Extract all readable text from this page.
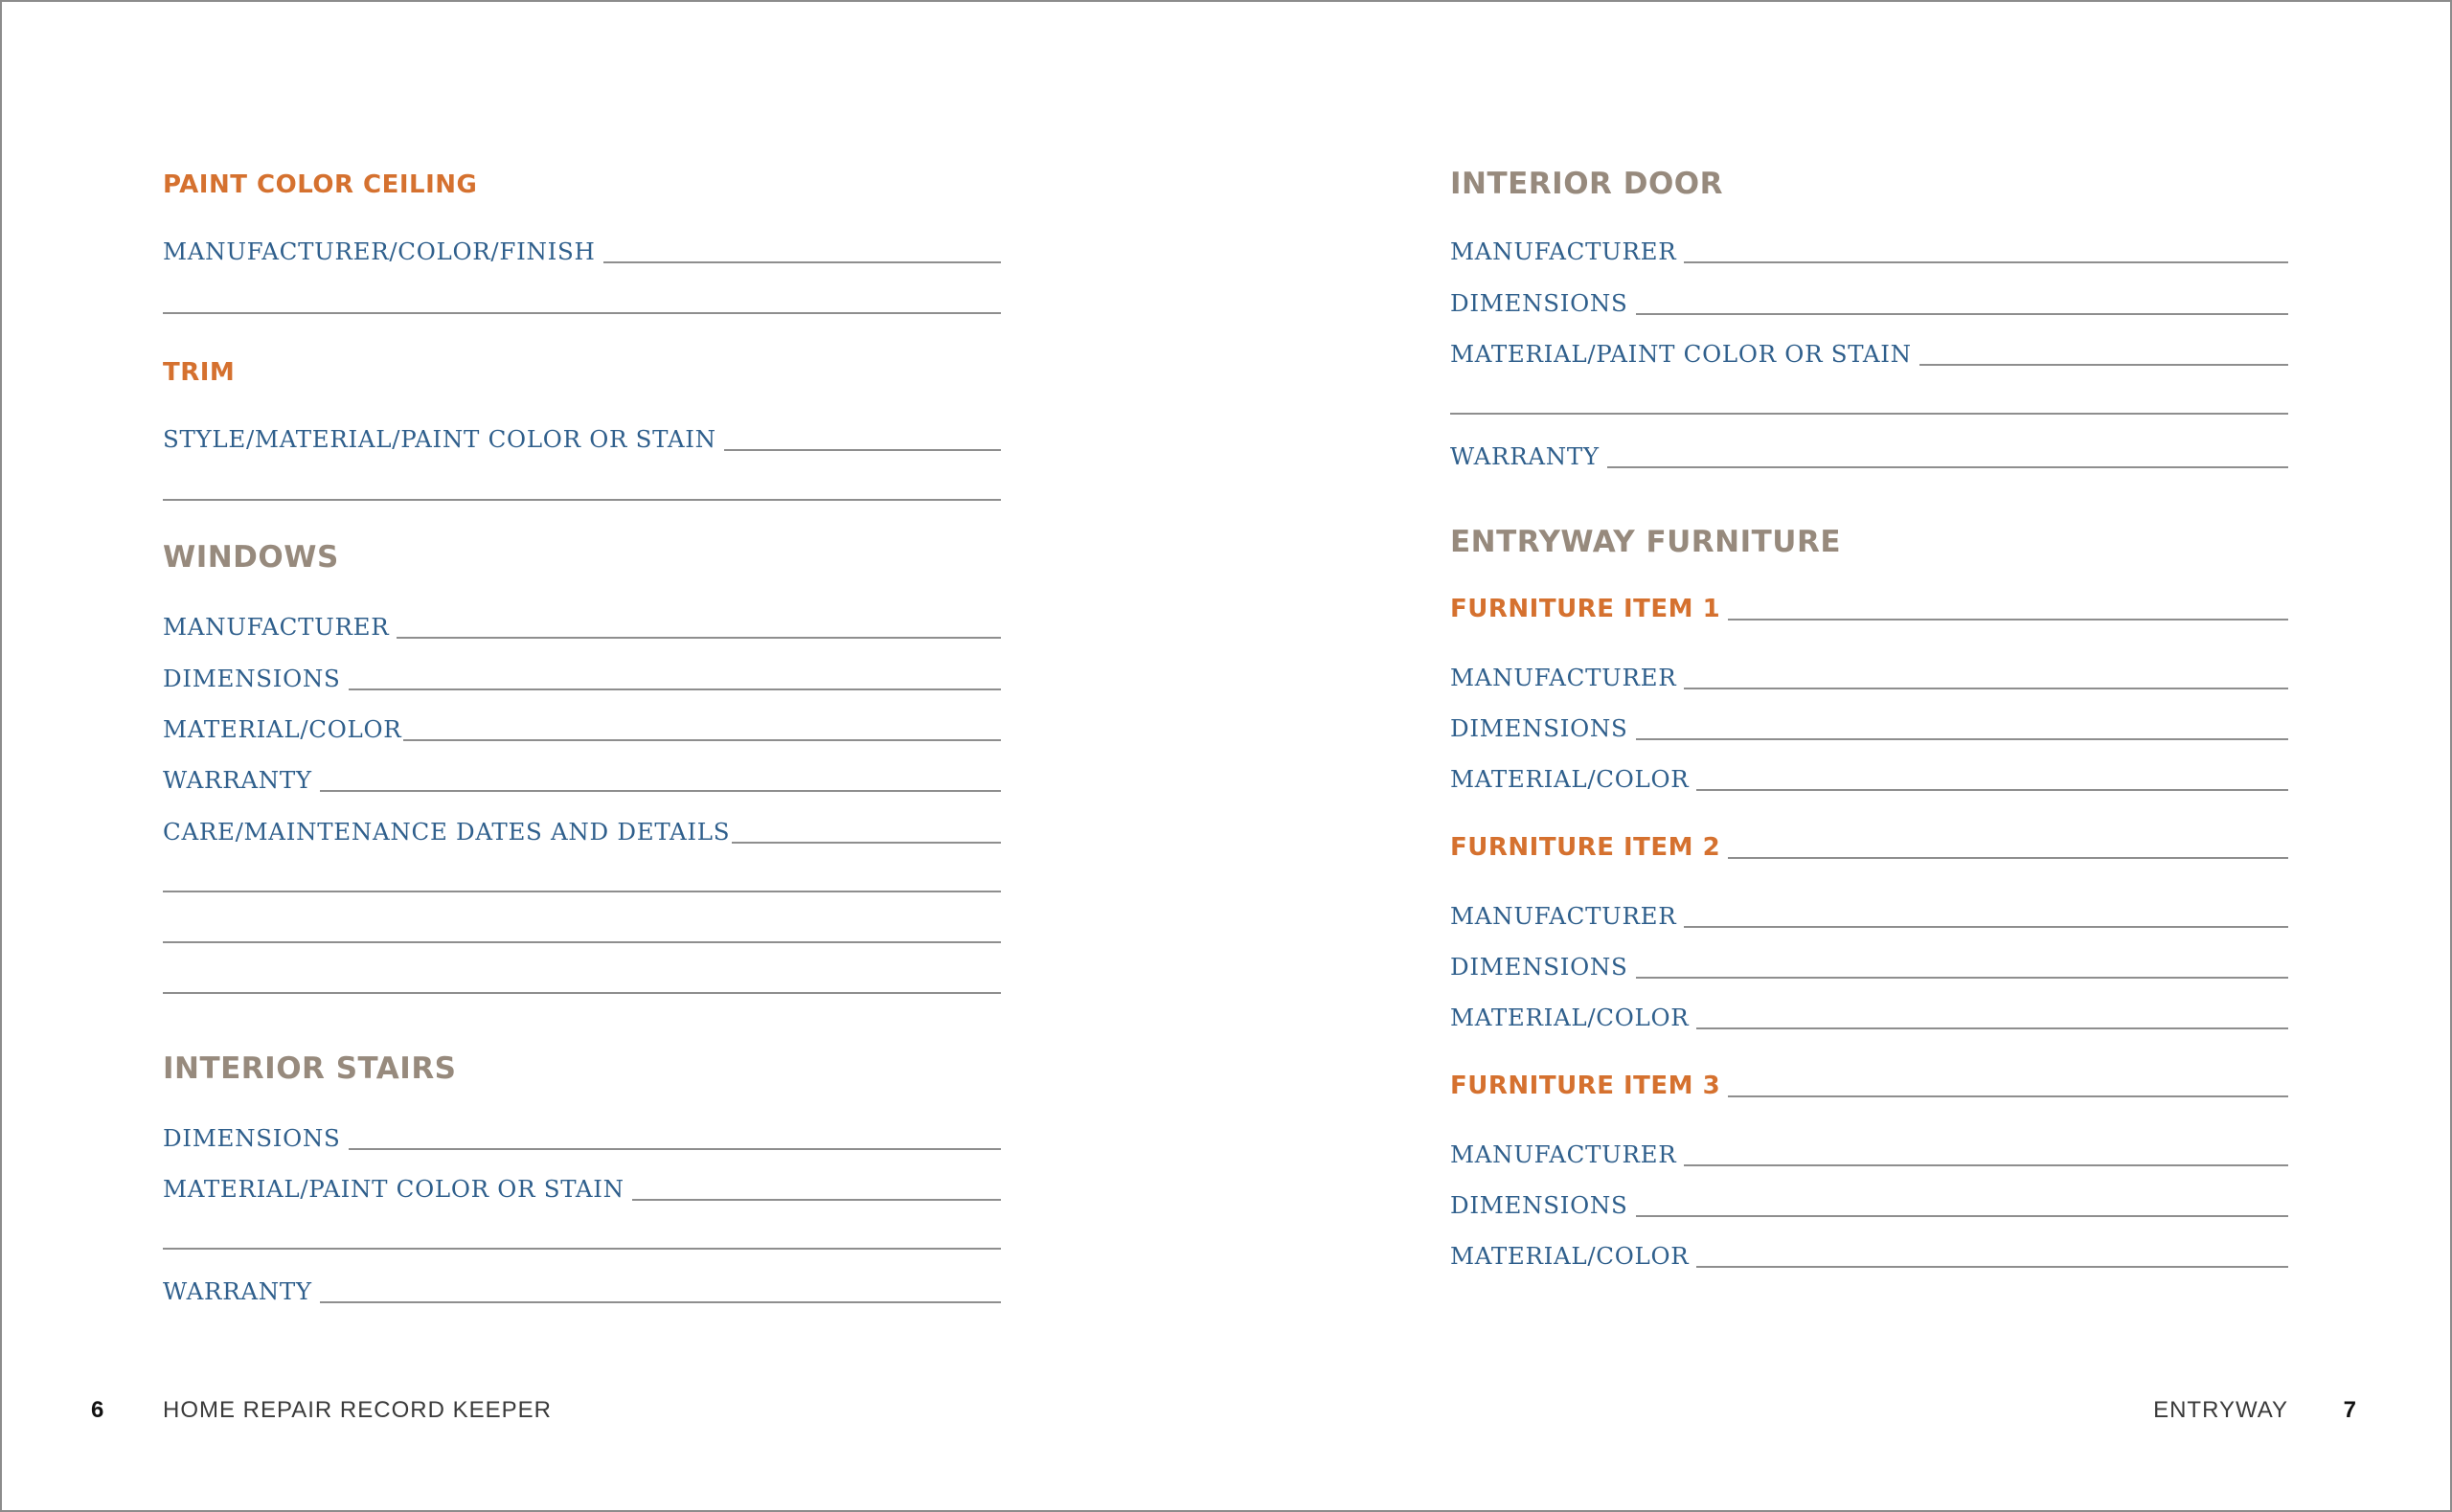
PAINT COLOR CEILING
MANUFACTURER/COLOR/FINISH
TRIM
STYLE/MATERIAL/PAINT COLOR OR STAIN
WINDOWS
MANUFACTURER
DIMENSIONS
MATERIAL/COLOR
WARRANTY
CARE/MAINTENANCE DATES AND DETAILS
INTERIOR STAIRS
DIMENSIONS
MATERIAL/PAINT COLOR OR STAIN
WARRANTY
INTERIOR DOOR
MANUFACTURER
DIMENSIONS
MATERIAL/PAINT COLOR OR STAIN
WARRANTY
ENTRYWAY FURNITURE
FURNITURE ITEM 1
MANUFACTURER
DIMENSIONS
MATERIAL/COLOR
FURNITURE ITEM 2
MANUFACTURER
DIMENSIONS
MATERIAL/COLOR
FURNITURE ITEM 3
MANUFACTURER
DIMENSIONS
MATERIAL/COLOR
6	HOME REPAIR RECORD KEEPER	ENTRYWAY 7
